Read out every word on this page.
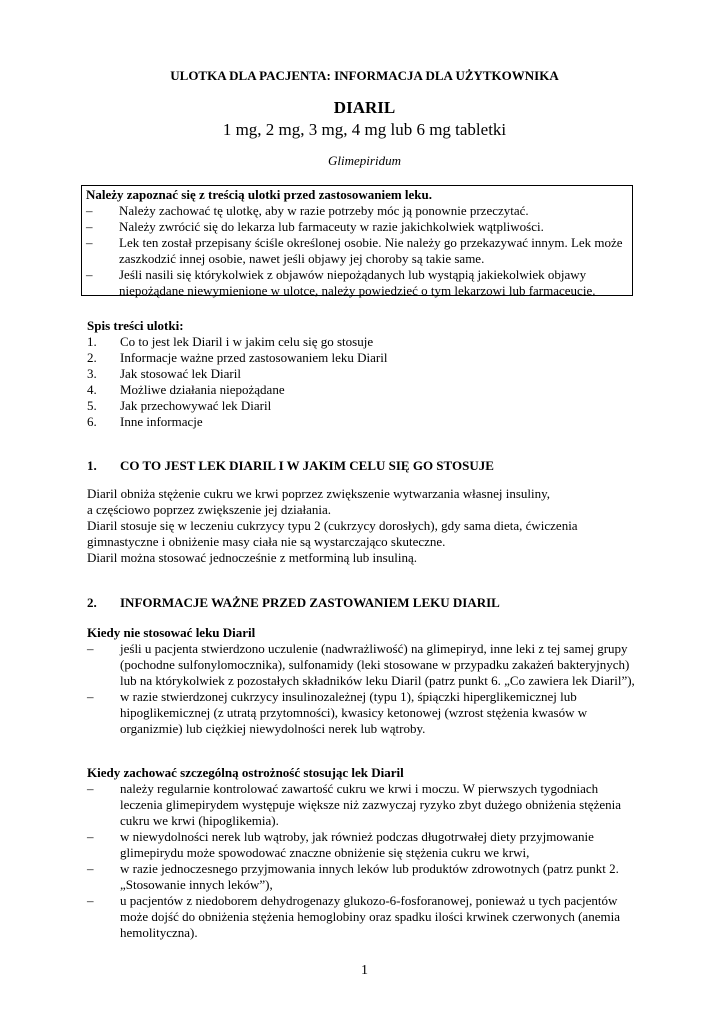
ULOTKA DLA PACJENTA: INFORMACJA DLA UŻYTKOWNIKA
DIARIL
1 mg, 2 mg, 3 mg, 4 mg lub 6 mg tabletki
Glimepiridum
Należy zapoznać się z treścią ulotki przed zastosowaniem leku.
– Należy zachować tę ulotkę, aby w razie potrzeby móc ją ponownie przeczytać.
– Należy zwrócić się do lekarza lub farmaceuty w razie jakichkolwiek wątpliwości.
– Lek ten został przepisany ściśle określonej osobie. Nie należy go przekazywać innym. Lek może zaszkodzić innej osobie, nawet jeśli objawy jej choroby są takie same.
– Jeśli nasili się którykolwiek z objawów niepożądanych lub wystąpią jakiekolwiek objawy niepożądane niewymienione w ulotce, należy powiedzieć o tym lekarzowi lub farmaceucie.
Spis treści ulotki:
1. Co to jest lek Diaril i w jakim celu się go stosuje
2. Informacje ważne przed zastosowaniem leku Diaril
3. Jak stosować lek Diaril
4. Możliwe działania niepożądane
5. Jak przechowywać lek Diaril
6. Inne informacje
1. CO TO JEST LEK DIARIL I W JAKIM CELU SIĘ GO STOSUJE
Diaril obniża stężenie cukru we krwi poprzez zwiększenie wytwarzania własnej insuliny,
a częściowo poprzez zwiększenie jej działania.
Diaril stosuje się w leczeniu cukrzycy typu 2 (cukrzycy dorosłych), gdy sama dieta, ćwiczenia gimnastyczne i obniżenie masy ciała nie są wystarczająco skuteczne.
Diaril można stosować jednocześnie z metforminą lub insuliną.
2. INFORMACJE WAŻNE PRZED ZASTOWANIEM LEKU DIARIL
Kiedy nie stosować leku Diaril
– jeśli u pacjenta stwierdzono uczulenie (nadwrażliwość) na glimepiryd, inne leki z tej samej grupy (pochodne sulfonylomocznika), sulfonamidy (leki stosowane w przypadku zakażeń bakteryjnych) lub na którykolwiek z pozostałych składników leku Diaril (patrz punkt 6. „Co zawiera lek Diaril”),
– w razie stwierdzonej cukrzycy insulinozależnej (typu 1), śpiączki hiperglikemicznej lub hipoglikemicznej (z utratą przytomności), kwasicy ketonowej (wzrost stężenia kwasów w organizmie) lub ciężkiej niewydolności nerek lub wątroby.
Kiedy zachować szczególną ostrożność stosując lek Diaril
– należy regularnie kontrolować zawartość cukru we krwi i moczu. W pierwszych tygodniach leczenia glimepirydem występuje większe niż zazwyczaj ryzyko zbyt dużego obniżenia stężenia cukru we krwi (hipoglikemia).
– w niewydolności nerek lub wątroby, jak również podczas długotrwałej diety przyjmowanie glimepirydu może spowodować znaczne obniżenie się stężenia cukru we krwi,
– w razie jednoczesnego przyjmowania innych leków lub produktów zdrowotnych (patrz punkt 2. „Stosowanie innych leków”),
– u pacjentów z niedoborem dehydrogenazy glukozo-6-fosforanowej, ponieważ u tych pacjentów może dojść do obniżenia stężenia hemoglobiny oraz spadku ilości krwinek czerwonych (anemia hemolityczna).
1
